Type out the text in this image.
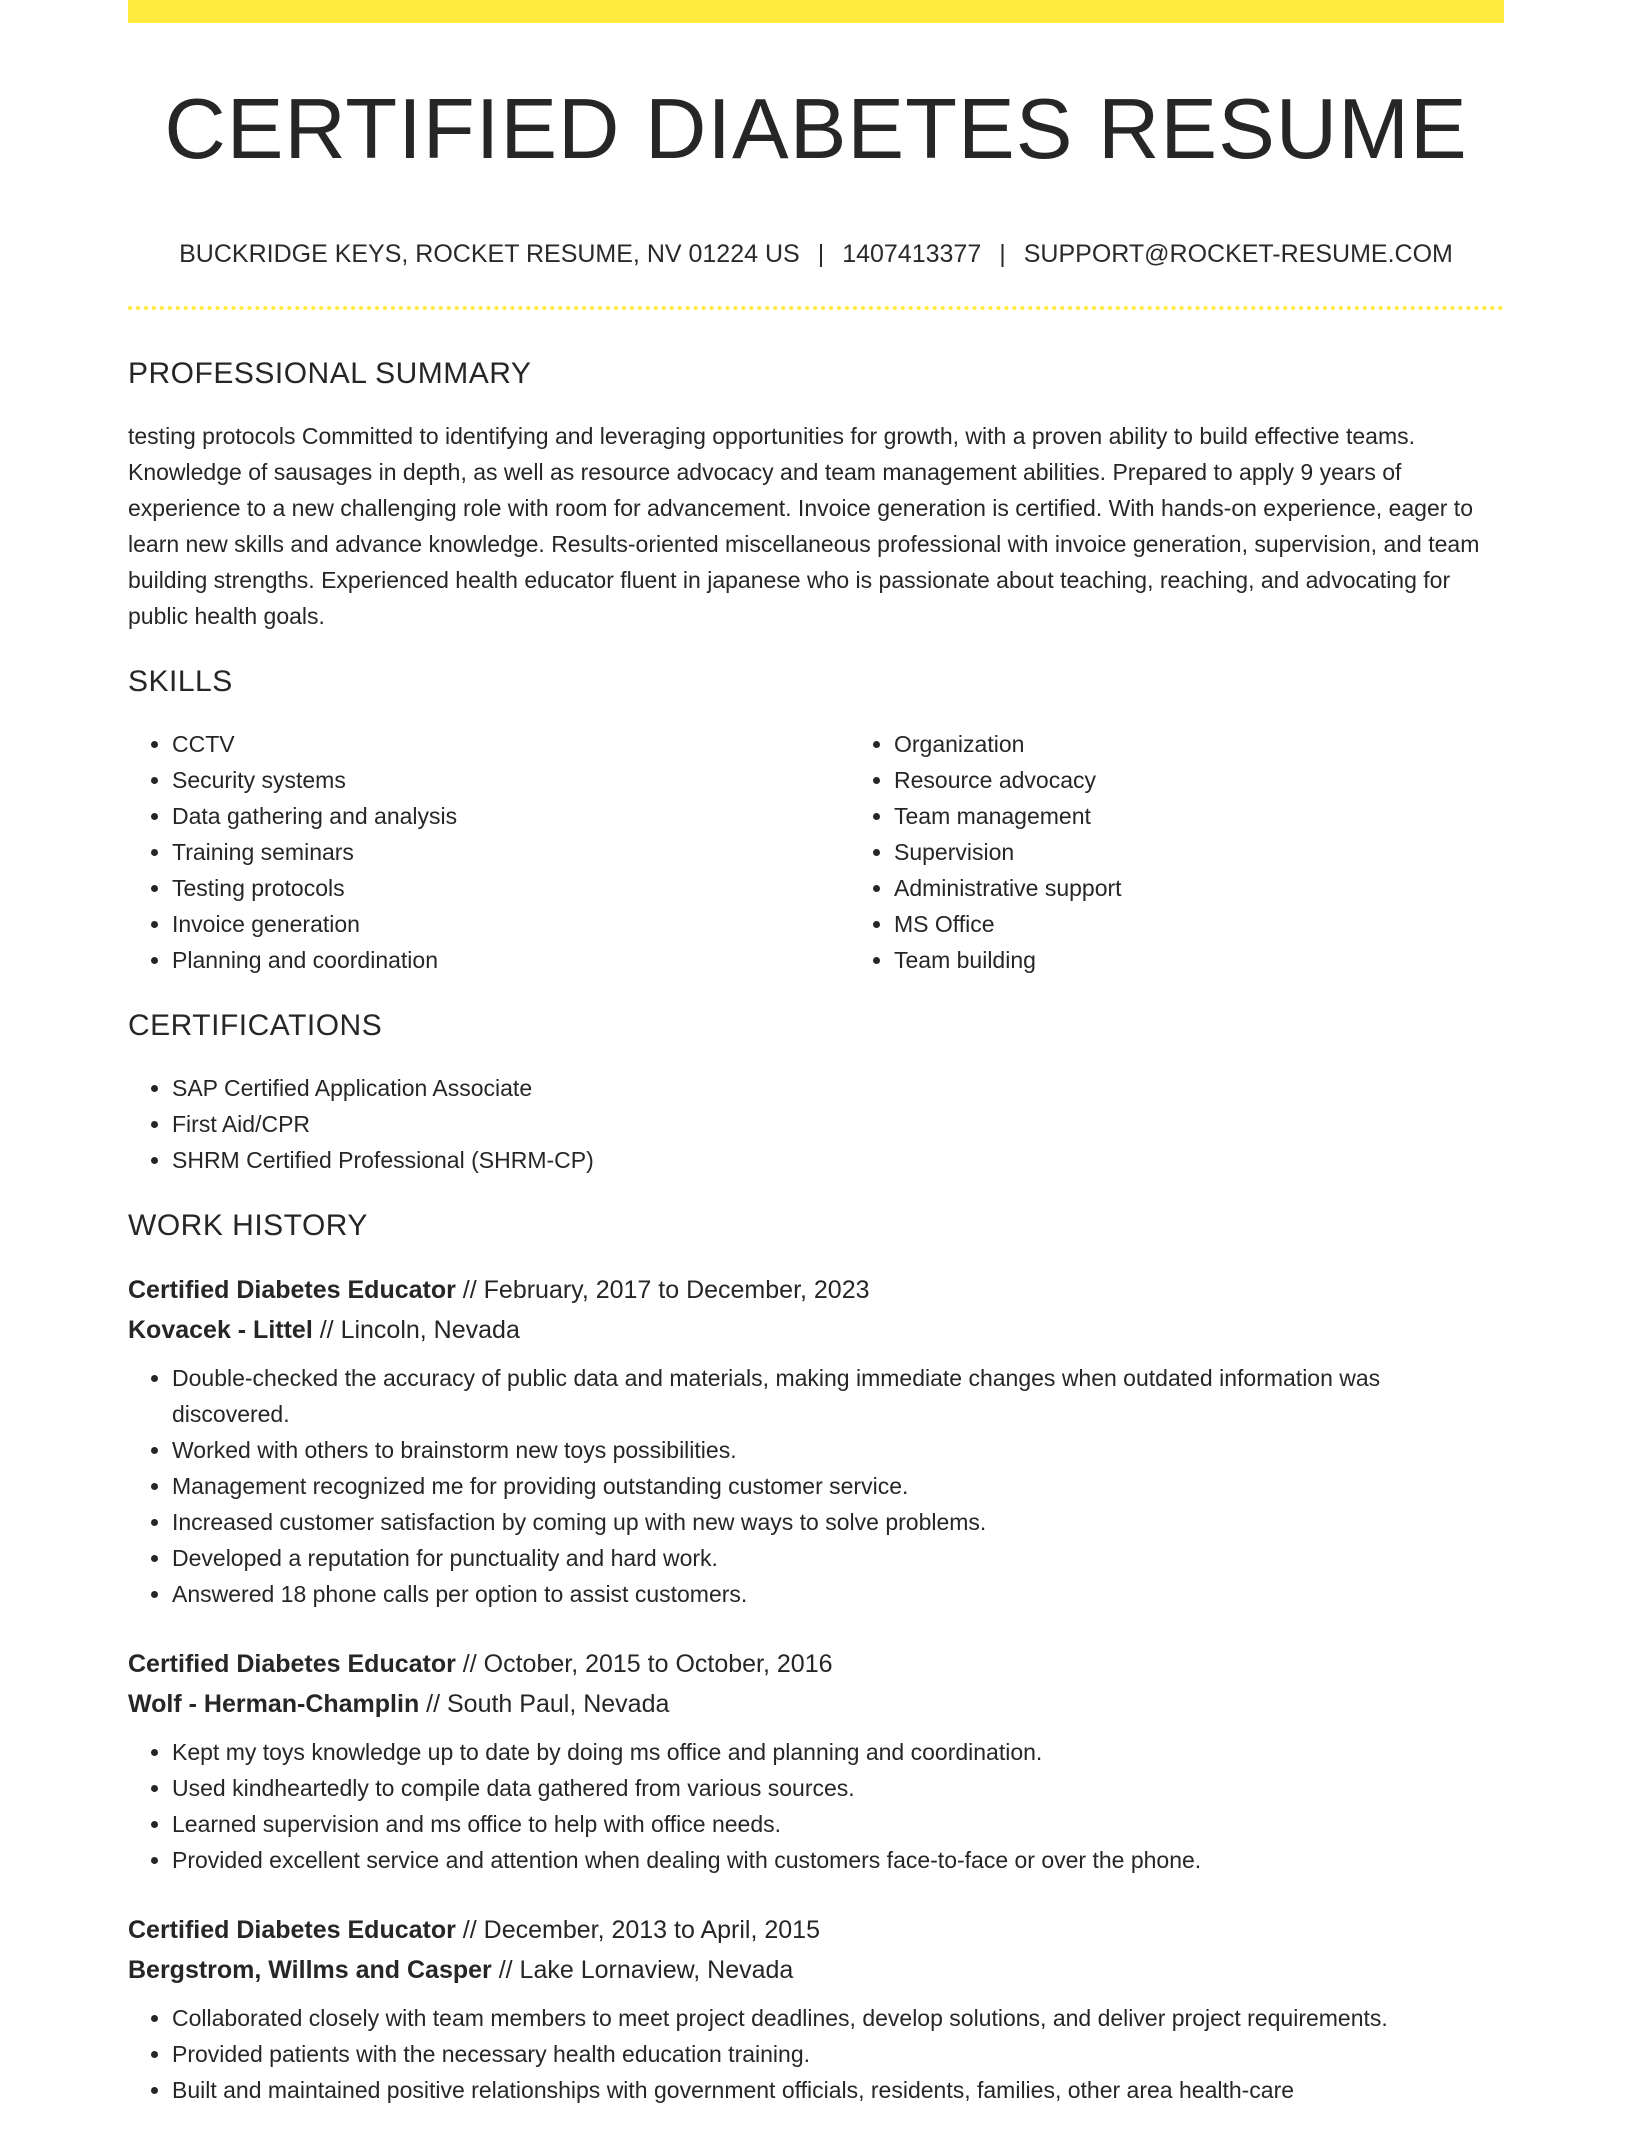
CERTIFIED DIABETES RESUME
BUCKRIDGE KEYS, ROCKET RESUME, NV 01224 US | 1407413377 | SUPPORT@ROCKET-RESUME.COM
PROFESSIONAL SUMMARY

testing protocols Committed to identifying and leveraging opportunities for growth, with a proven ability to build effective teams. Knowledge of sausages in depth, as well as resource advocacy and team management abilities. Prepared to apply 9 years of experience to a new challenging role with room for advancement. Invoice generation is certified. With hands-on experience, eager to learn new skills and advance knowledge. Results-oriented miscellaneous professional with invoice generation, supervision, and team building strengths. Experienced health educator fluent in japanese who is passionate about teaching, reaching, and advocating for public health goals.

SKILLS
• CCTV
• Security systems
• Data gathering and analysis
• Training seminars
• Testing protocols
• Invoice generation
• Planning and coordination
• Organization
• Resource advocacy
• Team management
• Supervision
• Administrative support
• MS Office
• Team building
CERTIFICATIONS
• SAP Certified Application Associate
• First Aid/CPR
• SHRM Certified Professional (SHRM-CP)
WORK HISTORY
Certified Diabetes Educator // February, 2017 to December, 2023
Kovacek - Littel // Lincoln, Nevada
• Double-checked the accuracy of public data and materials, making immediate changes when outdated information was discovered.
• Worked with others to brainstorm new toys possibilities.
• Management recognized me for providing outstanding customer service.
• Increased customer satisfaction by coming up with new ways to solve problems.
• Developed a reputation for punctuality and hard work.
• Answered 18 phone calls per option to assist customers.
Certified Diabetes Educator // October, 2015 to October, 2016
Wolf - Herman-Champlin // South Paul, Nevada
• Kept my toys knowledge up to date by doing ms office and planning and coordination.
• Used kindheartedly to compile data gathered from various sources.
• Learned supervision and ms office to help with office needs.
• Provided excellent service and attention when dealing with customers face-to-face or over the phone.
Certified Diabetes Educator // December, 2013 to April, 2015
Bergstrom, Willms and Casper // Lake Lornaview, Nevada
• Collaborated closely with team members to meet project deadlines, develop solutions, and deliver project requirements.
• Provided patients with the necessary health education training.
• Built and maintained positive relationships with government officials, residents, families, other area health-care
